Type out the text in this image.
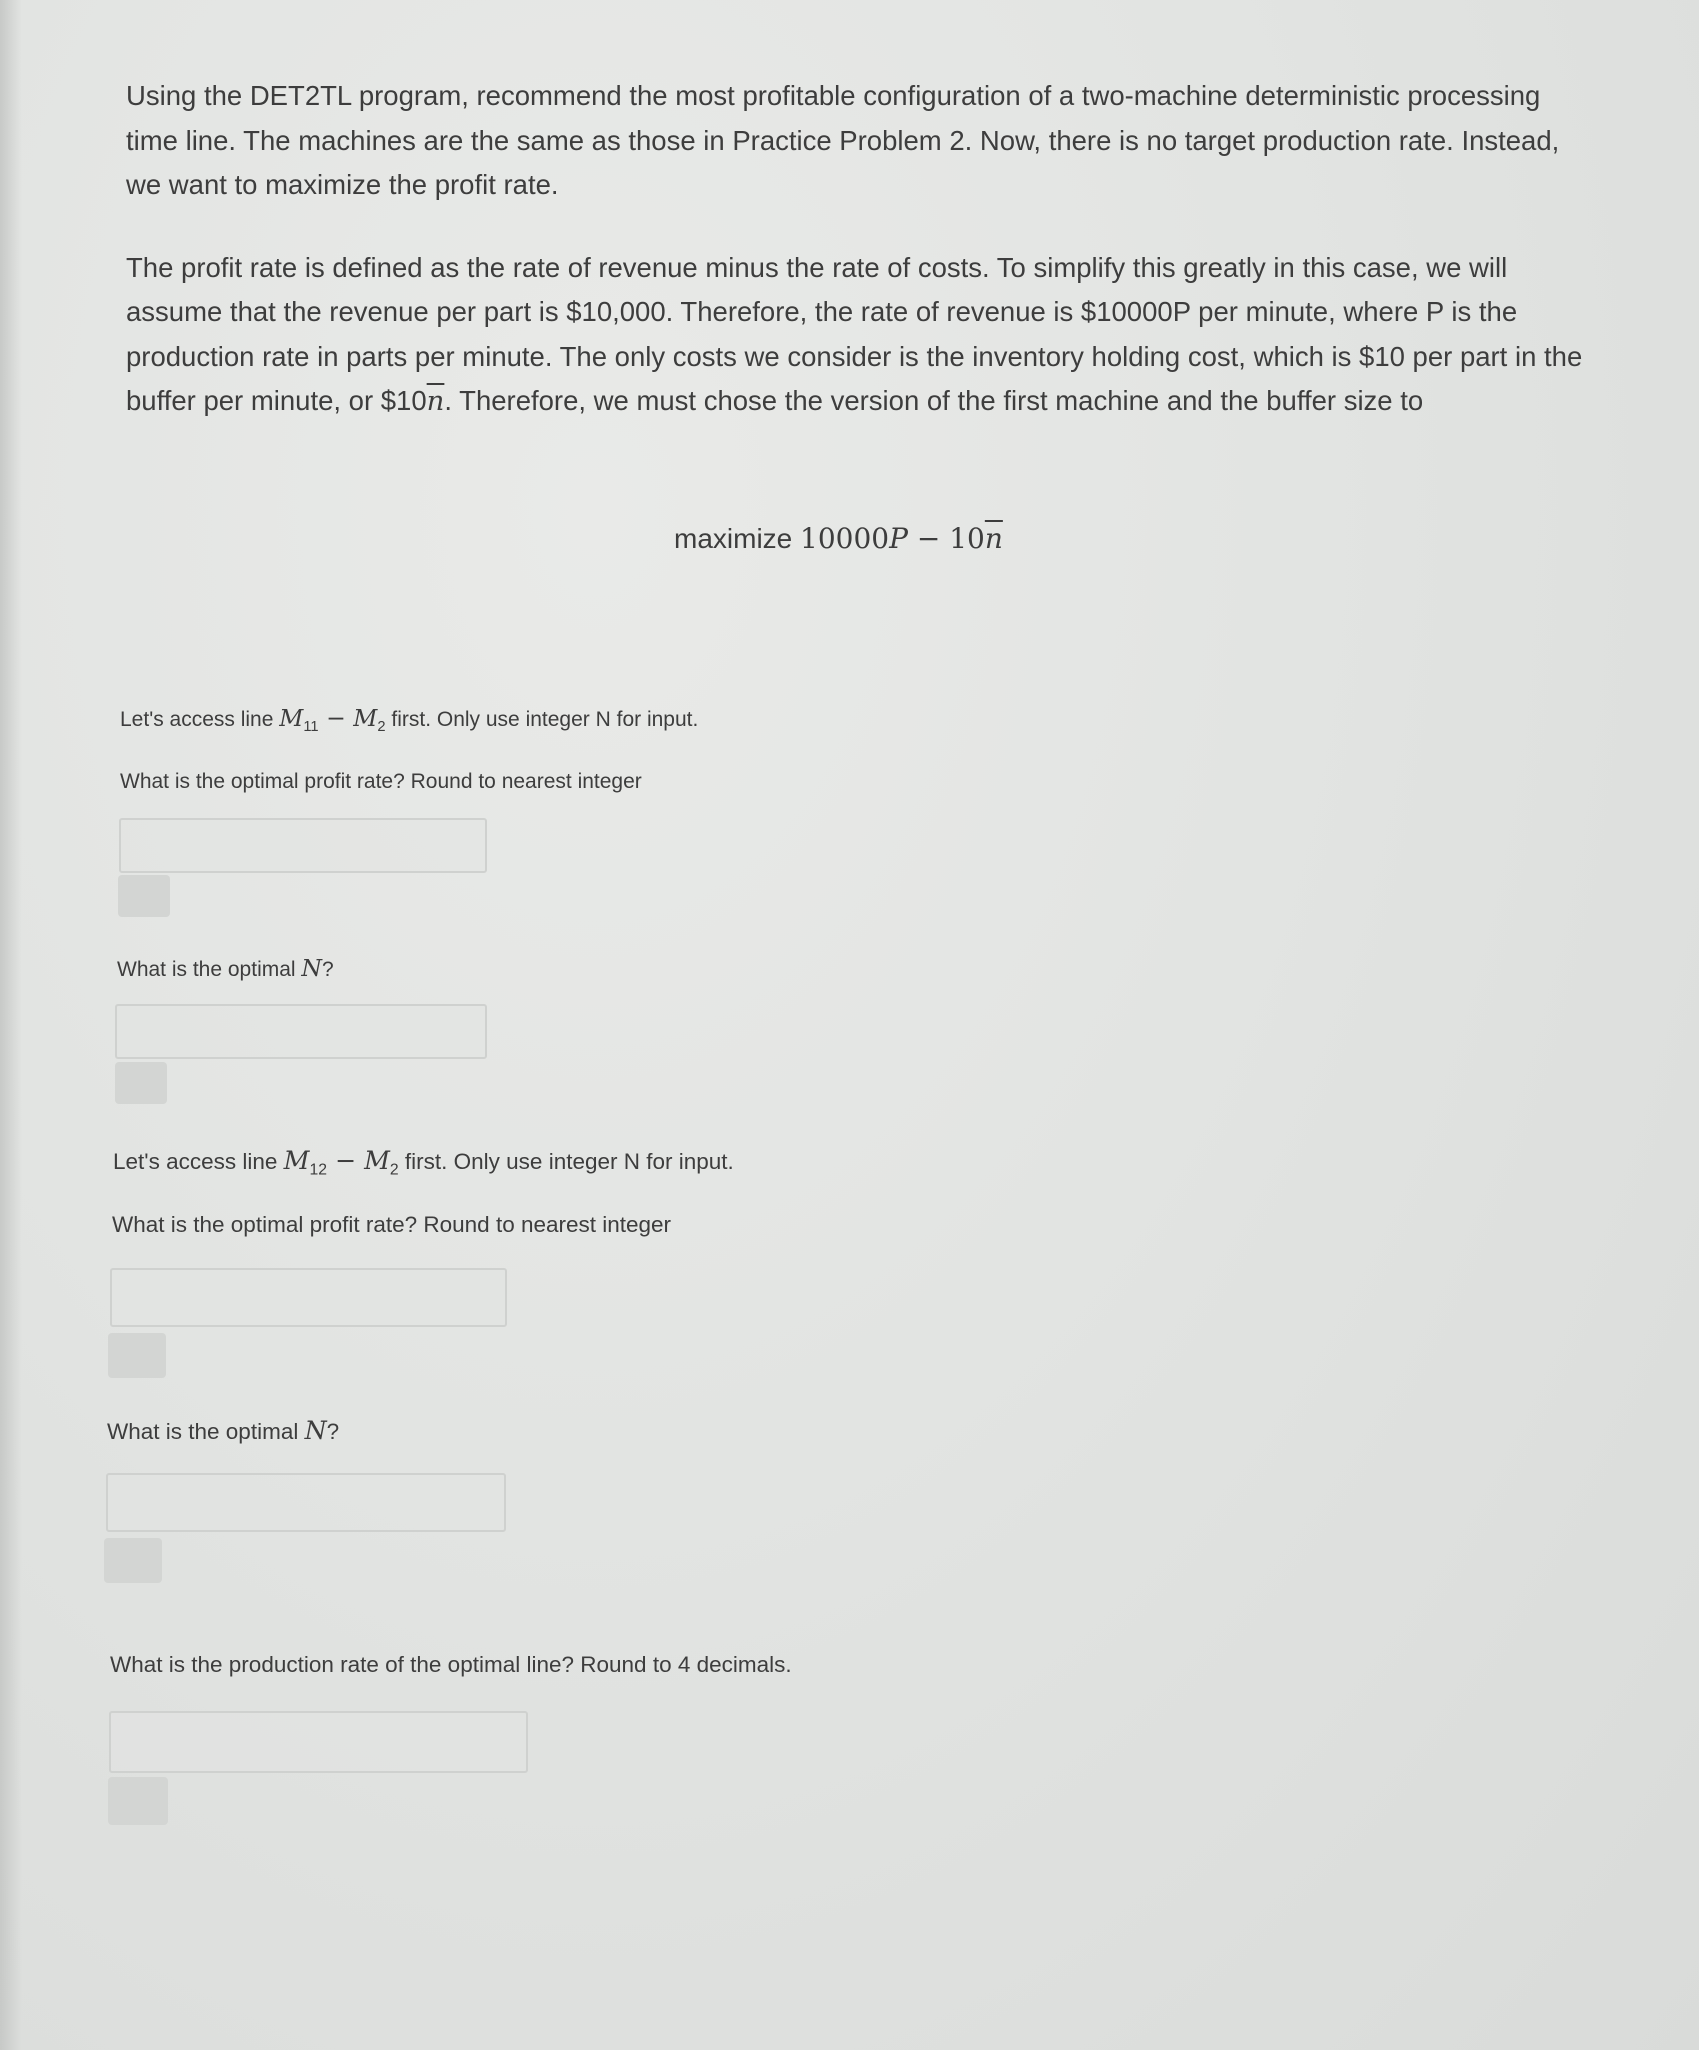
Using the DET2TL program, recommend the most profitable configuration of a two-machine deterministic processing time line. The machines are the same as those in Practice Problem 2. Now, there is no target production rate. Instead, we want to maximize the profit rate.

The profit rate is defined as the rate of revenue minus the rate of costs. To simplify this greatly in this case, we will assume that the revenue per part is $10,000. Therefore, the rate of revenue is $10000P per minute, where P is the production rate in parts per minute. The only costs we consider is the inventory holding cost, which is $10 per part in the buffer per minute, or $\$10\overline{n}$. Therefore, we must chose the version of the first machine and the buffer size to

maximize $10000P - 10\overline{n}$
Let's access line $M_{11} - M_2$ first. Only use integer N for input.
What is the optimal profit rate? Round to nearest integer
What is the optimal N?
Let's access line $M_{12} - M_2$ first. Only use integer N for input.
What is the optimal profit rate? Round to nearest integer
What is the optimal N?
What is the production rate of the optimal line? Round to 4 decimals.
